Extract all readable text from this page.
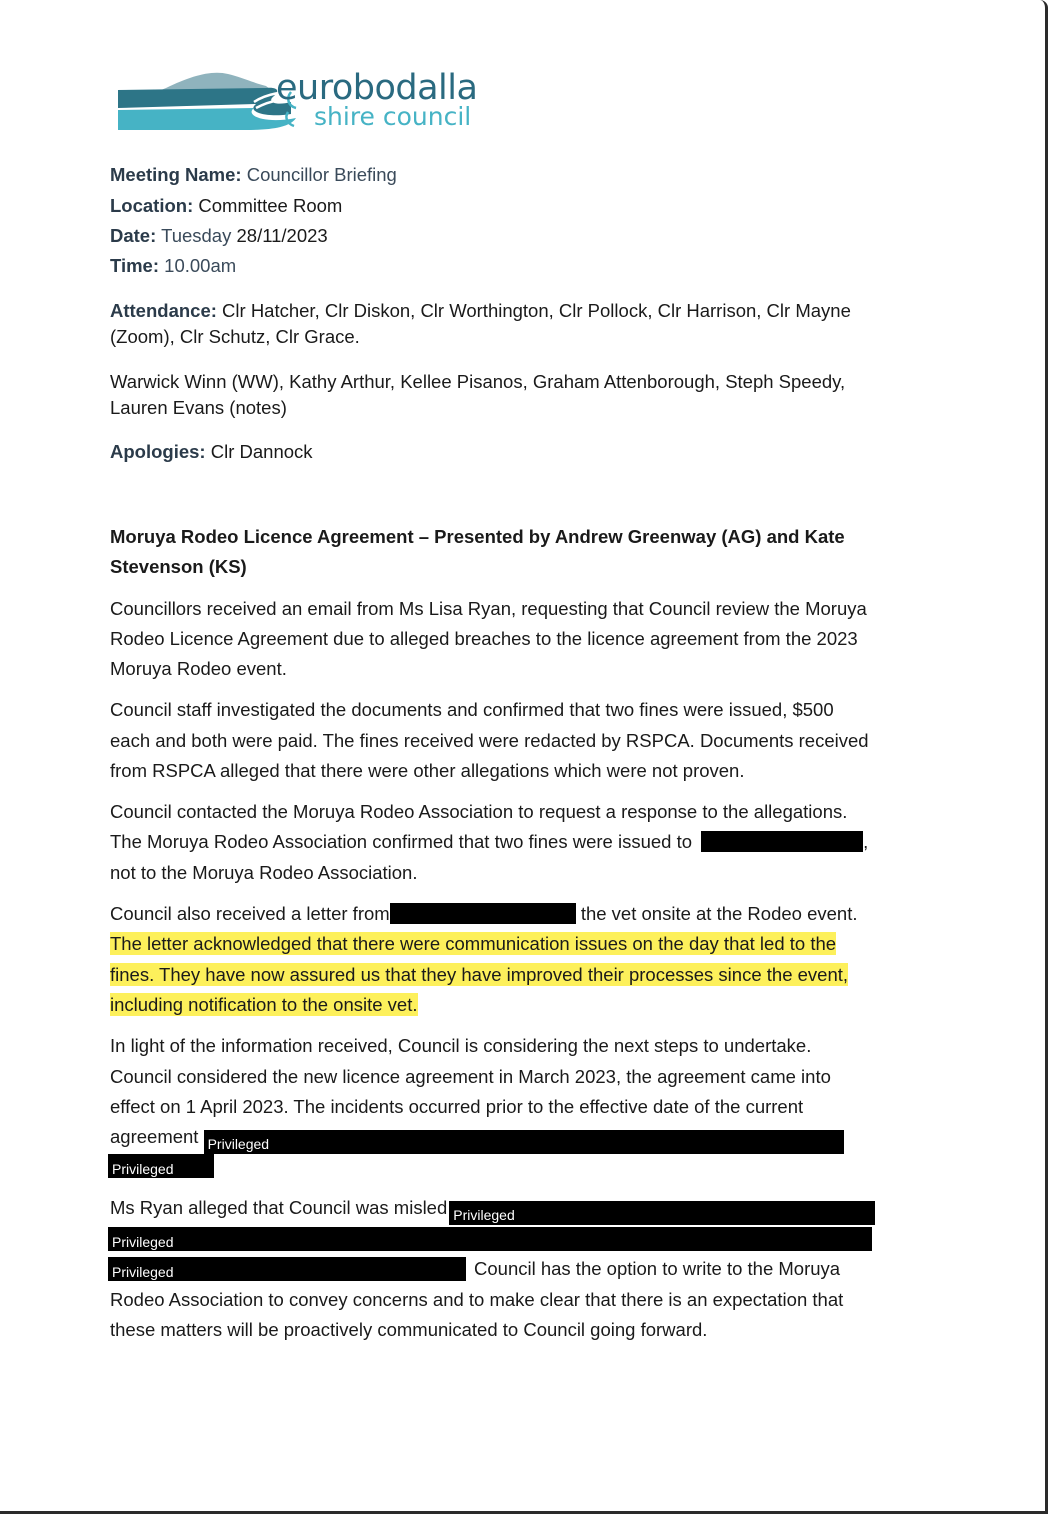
eurobodalla
shire council
Meeting Name: Councillor Briefing
Location: Committee Room
Date: Tuesday 28/11/2023
Time: 10.00am
Attendance: Clr Hatcher, Clr Diskon, Clr Worthington, Clr Pollock, Clr Harrison, Clr Mayne
(Zoom), Clr Schutz, Clr Grace.
Warwick Winn (WW), Kathy Arthur, Kellee Pisanos, Graham Attenborough, Steph Speedy,
Lauren Evans (notes)
Apologies: Clr Dannock
Moruya Rodeo Licence Agreement – Presented by Andrew Greenway (AG) and Kate
Stevenson (KS)
Councillors received an email from Ms Lisa Ryan, requesting that Council review the Moruya
Rodeo Licence Agreement due to alleged breaches to the licence agreement from the 2023
Moruya Rodeo event.
Council staff investigated the documents and confirmed that two fines were issued, $500
each and both were paid. The fines received were redacted by RSPCA. Documents received
from RSPCA alleged that there were other allegations which were not proven.
Council contacted the Moruya Rodeo Association to request a response to the allegations.
The Moruya Rodeo Association confirmed that two fines were issued to	,
not to the Moruya Rodeo Association.
Council also received a letter from	the vet onsite at the Rodeo event.
The letter acknowledged that there were communication issues on the day that led to the
fines. They have now assured us that they have improved their processes since the event,
including notification to the onsite vet.
In light of the information received, Council is considering the next steps to undertake.
Council considered the new licence agreement in March 2023, the agreement came into
effect on 1 April 2023. The incidents occurred prior to the effective date of the current
agreement Privileged
Privileged
Ms Ryan alleged that Council was misled Privileged
Privileged
Privileged	Council has the option to write to the Moruya
Rodeo Association to convey concerns and to make clear that there is an expectation that
these matters will be proactively communicated to Council going forward.
